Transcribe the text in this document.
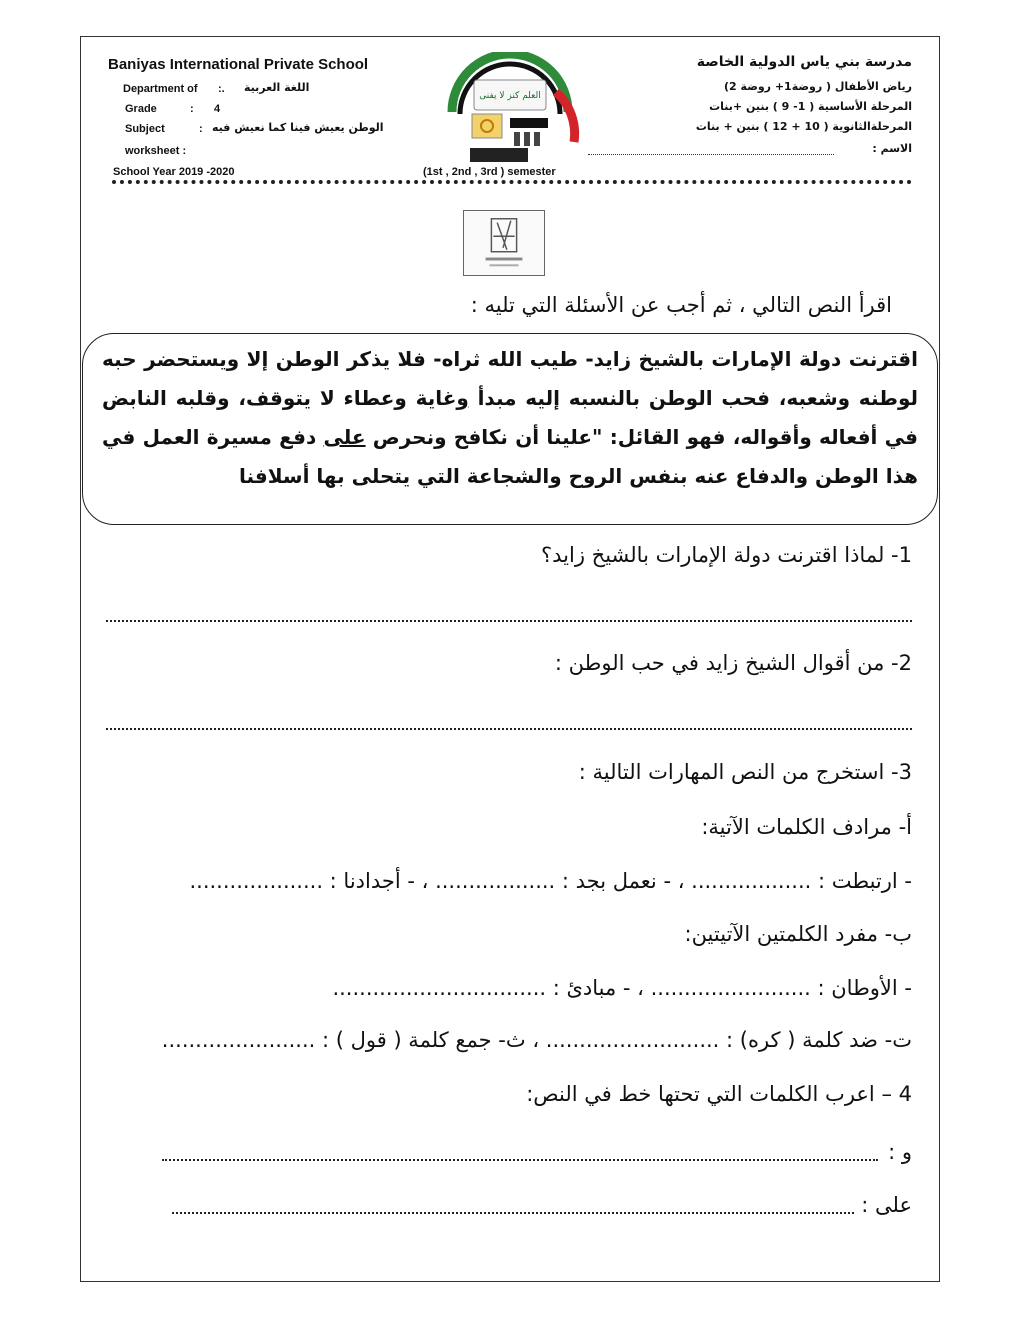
Baniyas International Private School
Department of :. اللغة العربية
Grade	: 4
Subject	: الوطن يعيش فينا كما نعيش فيه
worksheet :
School Year 2019 -2020	(1st , 2nd , 3rd ) semester
العلم كنز لا يفنى
مدرسة بني ياس الدولية الخاصة
رياض الأطفال ( روضة1+ روضة 2)
المرحلة الأساسية ( 1- 9 ) بنين +بنات
المرحلةالثانوية ( 10 + 12 ) بنين + بنات
الاسم :
اقرأ النص التالي ، ثم أجب عن الأسئلة التي تليه :
اقترنت دولة الإمارات بالشيخ زايد- طيب الله ثراه- فلا يذكر الوطن إلا ويستحضر حبه لوطنه وشعبه، فحب الوطن بالنسبه إليه مبدأ وغاية وعطاء لا يتوقف، وقلبه النابض في أفعاله وأقواله، فهو القائل: "علينا أن نكافح ونحرص على دفع مسيرة العمل في هذا الوطن والدفاع عنه بنفس الروح والشجاعة التي يتحلى بها أسلافنا
1- لماذا اقترنت دولة الإمارات بالشيخ زايد؟
2- من أقوال الشيخ زايد في حب الوطن :
3- استخرج من النص المهارات التالية :
أ- مرادف الكلمات الآتية:
- ارتبطت : .................. ، - نعمل بجد : .................. ، - أجدادنا : ....................
ب- مفرد الكلمتين الآتيتين:
- الأوطان : ........................ ، - مبادئ : ................................
ت- ضد كلمة ( كره) : .......................... ، ث- جمع كلمة ( قول ) : .......................
4 – اعرب الكلمات التي تحتها خط في النص:
و :
على :
